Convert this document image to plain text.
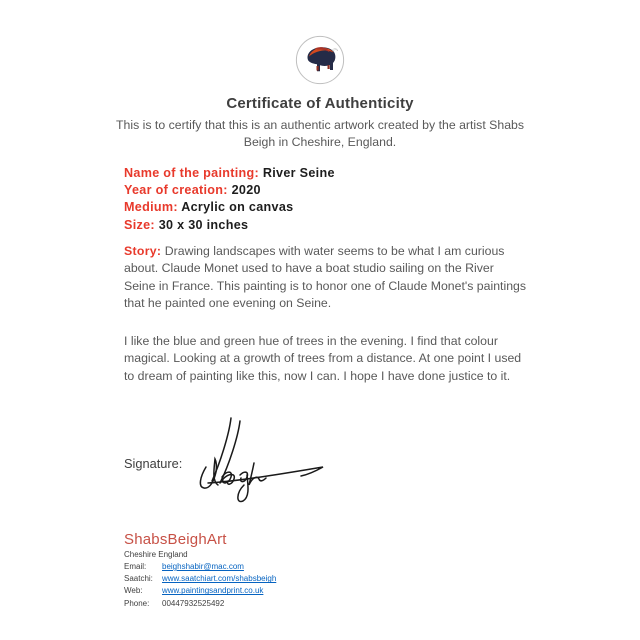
Certificate of Authenticity
This is to certify that this is an authentic artwork created by the artist Shabs Beigh in Cheshire, England.
Name of the painting: River Seine
Year of creation: 2020
Medium: Acrylic on canvas
Size: 30 x 30 inches
Story: Drawing landscapes with water seems to be what I am curious about. Claude Monet used to have a boat studio sailing on the River Seine in France. This painting is to honor one of Claude Monet's paintings that he painted one evening on Seine.
I like the blue and green hue of trees in the evening. I find that colour magical. Looking at a growth of trees from a distance. At one point I used to dream of painting like this, now I can. I hope I have done justice to it.
Signature:
ShabsBeighArt
Cheshire England
Email:	beighshabir@mac.com
Saatchi:	www.saatchiart.com/shabsbeigh
Web:	www.paintingsandprint.co.uk
Phone:	00447932525492
